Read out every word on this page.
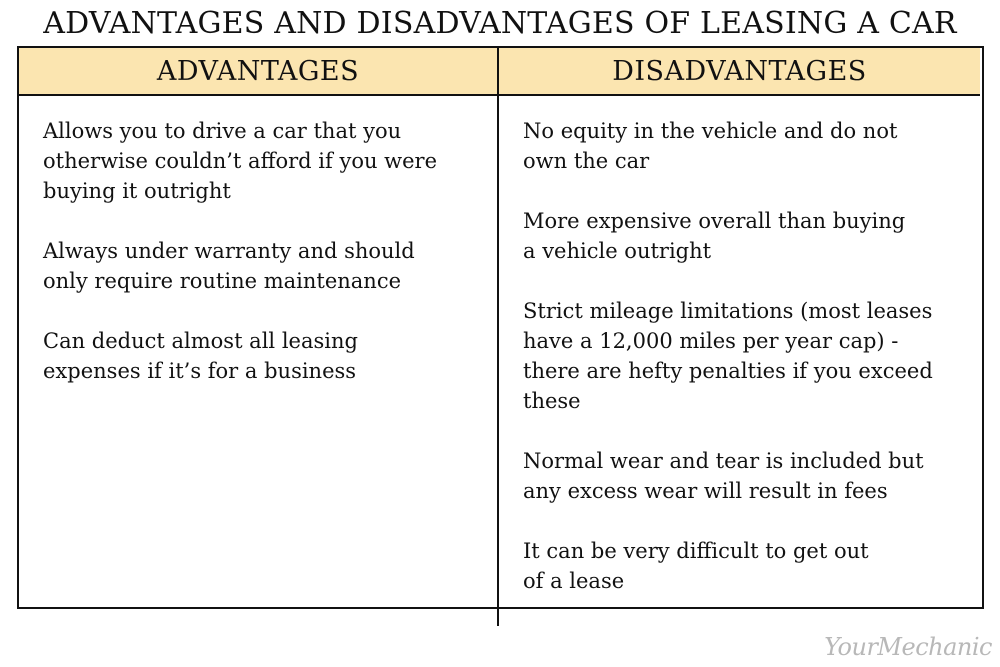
ADVANTAGES AND DISADVANTAGES OF LEASING A CAR
ADVANTAGES	DISADVANTAGES
Allows you to drive a car that you
otherwise couldn’t afford if you were
buying it outright
Always under warranty and should
only require routine maintenance
Can deduct almost all leasing
expenses if it’s for a business
No equity in the vehicle and do not
own the car
More expensive overall than buying
a vehicle outright
Strict mileage limitations (most leases
have a 12,000 miles per year cap) -
there are hefty penalties if you exceed
these
Normal wear and tear is included but
any excess wear will result in fees
It can be very difficult to get out
of a lease
YourMechanic
